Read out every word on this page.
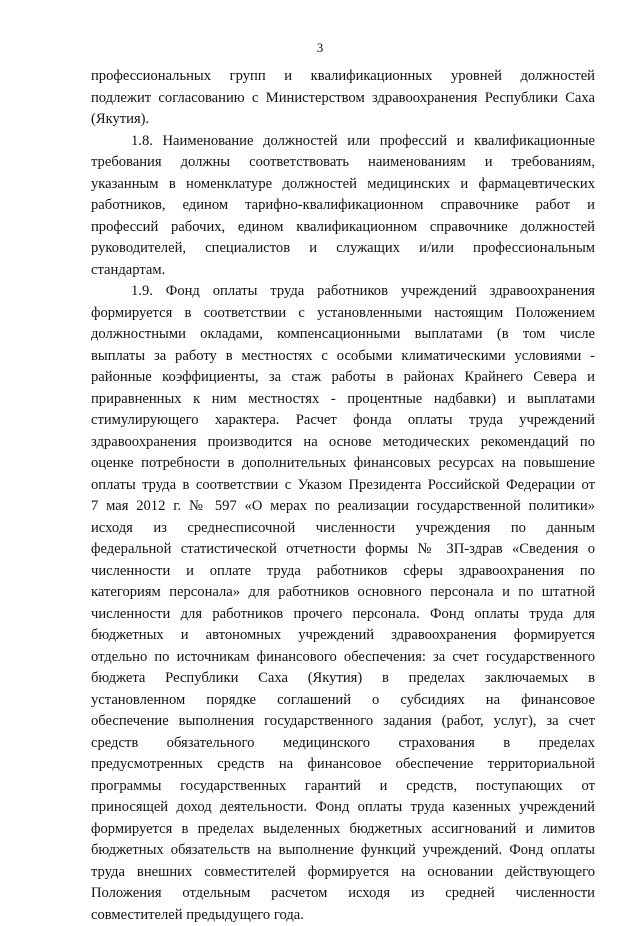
3
профессиональных групп и квалификационных уровней должностей
подлежит согласованию с Министерством здравоохранения Республики Саха
(Якутия).
1.8. Наименование должностей или профессий и квалификационные
требования должны соответствовать наименованиям и требованиям,
указанным в номенклатуре должностей медицинских и фармацевтических
работников, едином тарифно-квалификационном справочнике работ и
профессий рабочих, едином квалификационном справочнике должностей
руководителей, специалистов и служащих и/или профессиональным
стандартам.
1.9. Фонд оплаты труда работников учреждений здравоохранения
формируется в соответствии с установленными настоящим Положением
должностными окладами, компенсационными выплатами (в том числе
выплаты за работу в местностях с особыми климатическими условиями -
районные коэффициенты, за стаж работы в районах Крайнего Севера и
приравненных к ним местностях - процентные надбавки) и выплатами
стимулирующего характера. Расчет фонда оплаты труда учреждений
здравоохранения производится на основе методических рекомендаций по
оценке потребности в дополнительных финансовых ресурсах на повышение
оплаты труда в соответствии с Указом Президента Российской Федерации от
7 мая 2012 г. № 597 «О мерах по реализации государственной политики»
исходя из среднесписочной численности учреждения по данным
федеральной статистической отчетности формы № ЗП-здрав «Сведения о
численности и оплате труда работников сферы здравоохранения по
категориям персонала» для работников основного персонала и по штатной
численности для работников прочего персонала. Фонд оплаты труда для
бюджетных и автономных учреждений здравоохранения формируется
отдельно по источникам финансового обеспечения: за счет государственного
бюджета Республики Саха (Якутия) в пределах заключаемых в
установленном порядке соглашений о субсидиях на финансовое
обеспечение выполнения государственного задания (работ, услуг), за счет
средств обязательного медицинского страхования в пределах
предусмотренных средств на финансовое обеспечение территориальной
программы государственных гарантий и средств, поступающих от
приносящей доход деятельности. Фонд оплаты труда казенных учреждений
формируется в пределах выделенных бюджетных ассигнований и лимитов
бюджетных обязательств на выполнение функций учреждений. Фонд оплаты
труда внешних совместителей формируется на основании действующего
Положения отдельным расчетом исходя из средней численности
совместителей предыдущего года.
